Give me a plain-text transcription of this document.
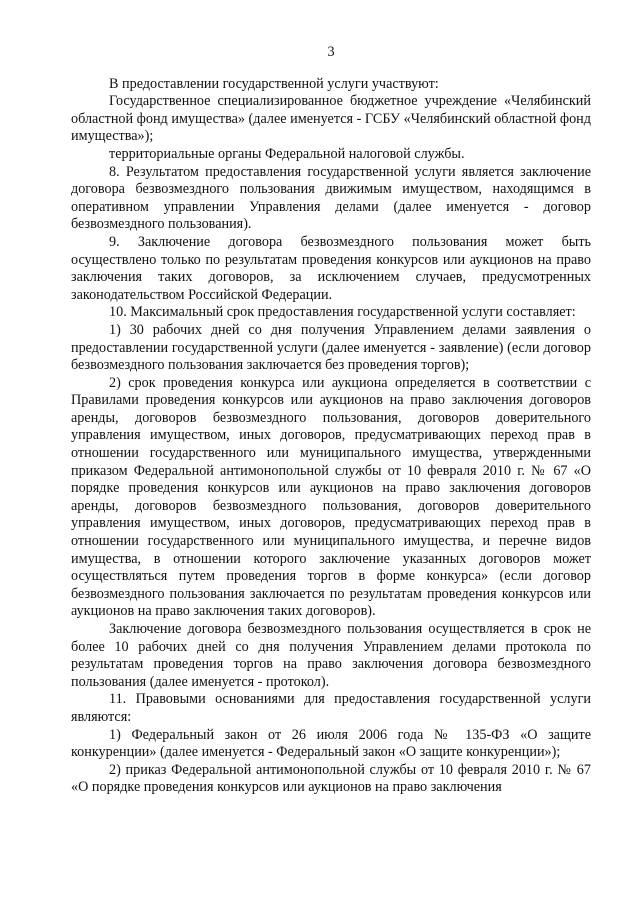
3

В предоставлении государственной услуги участвуют:

Государственное специализированное бюджетное учреждение «Челябинский областной фонд имущества» (далее именуется - ГСБУ «Челябинский областной фонд имущества»);

территориальные органы Федеральной налоговой службы.

8. Результатом предоставления государственной услуги является заключение договора безвозмездного пользования движимым имуществом, находящимся в оперативном управлении Управления делами (далее именуется - договор безвозмездного пользования).

9. Заключение договора безвозмездного пользования может быть осуществлено только по результатам проведения конкурсов или аукционов на право заключения таких договоров, за исключением случаев, предусмотренных законодательством Российской Федерации.

10. Максимальный срок предоставления государственной услуги составляет:

1) 30 рабочих дней со дня получения Управлением делами заявления о предоставлении государственной услуги (далее именуется - заявление) (если договор безвозмездного пользования заключается без проведения торгов);

2) срок проведения конкурса или аукциона определяется в соответствии с Правилами проведения конкурсов или аукционов на право заключения договоров аренды, договоров безвозмездного пользования, договоров доверительного управления имуществом, иных договоров, предусматривающих переход прав в отношении государственного или муниципального имущества, утвержденными приказом Федеральной антимонопольной службы от 10 февраля 2010 г. № 67 «О порядке проведения конкурсов или аукционов на право заключения договоров аренды, договоров безвозмездного пользования, договоров доверительного управления имуществом, иных договоров, предусматривающих переход прав в отношении государственного или муниципального имущества, и перечне видов имущества, в отношении которого заключение указанных договоров может осуществляться путем проведения торгов в форме конкурса» (если договор безвозмездного пользования заключается по результатам проведения конкурсов или аукционов на право заключения таких договоров).

Заключение договора безвозмездного пользования осуществляется в срок не более 10 рабочих дней со дня получения Управлением делами протокола по результатам проведения торгов на право заключения договора безвозмездного пользования (далее именуется - протокол).

11. Правовыми основаниями для предоставления государственной услуги являются:

1) Федеральный закон от 26 июля 2006 года № 135-ФЗ «О защите конкуренции» (далее именуется - Федеральный закон «О защите конкуренции»);

2) приказ Федеральной антимонопольной службы от 10 февраля 2010 г. № 67 «О порядке проведения конкурсов или аукционов на право заключения
